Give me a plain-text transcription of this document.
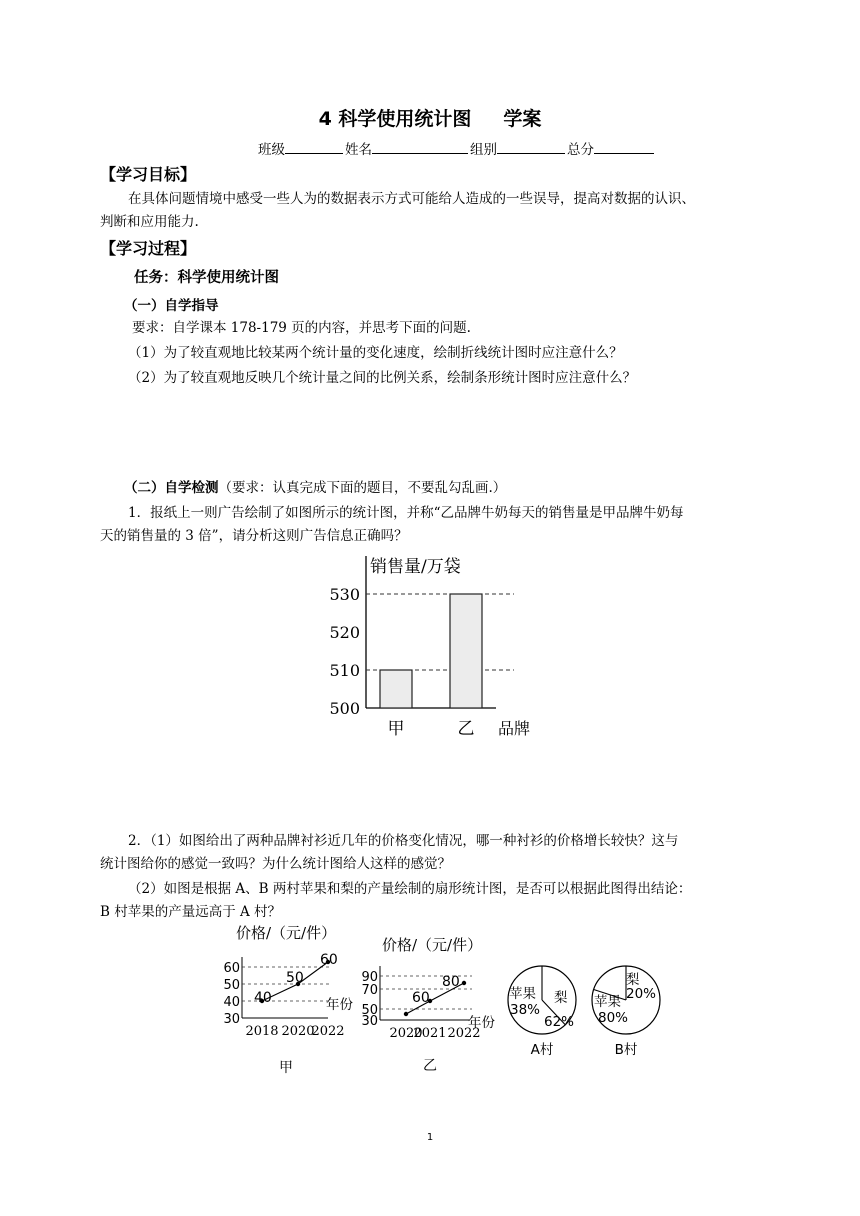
4 科学使用统计图 学案
班级	姓名	组别	总分
【学习目标】
在具体问题情境中感受一些人为的数据表示方式可能给人造成的一些误导，提高对数据的认识、
判断和应用能力.
【学习过程】
任务：科学使用统计图
（一）自学指导
要求：自学课本 178-179 页的内容，并思考下面的问题.
（1）为了较直观地比较某两个统计量的变化速度，绘制折线统计图时应注意什么？
（2）为了较直观地反映几个统计量之间的比例关系，绘制条形统计图时应注意什么？
（二）自学检测（要求：认真完成下面的题目，不要乱勾乱画.）
1．报纸上一则广告绘制了如图所示的统计图，并称“乙品牌牛奶每天的销售量是甲品牌牛奶每
天的销售量的 3 倍”，请分析这则广告信息正确吗？
500
510
520
530
甲	乙 品牌
销售量/万袋
2．（1）如图给出了两种品牌衬衫近几年的价格变化情况，哪一种衬衫的价格增长较快？这与
统计图给你的感觉一致吗？为什么统计图给人这样的感觉？
（2）如图是根据 A、B 两村苹果和梨的产量绘制的扇形统计图，是否可以根据此图得出结论：
B 村苹果的产量远高于 A 村？
30
40
50
60
2018 2020
2022
40
50
60
年份
价格/（元/件）
甲
30
50
70
90
2020
2021 2022
60
80
年份
价格/（元/件）
乙
苹果
38%
梨
62%
A村
苹果
80%
梨
20%
B村
1
